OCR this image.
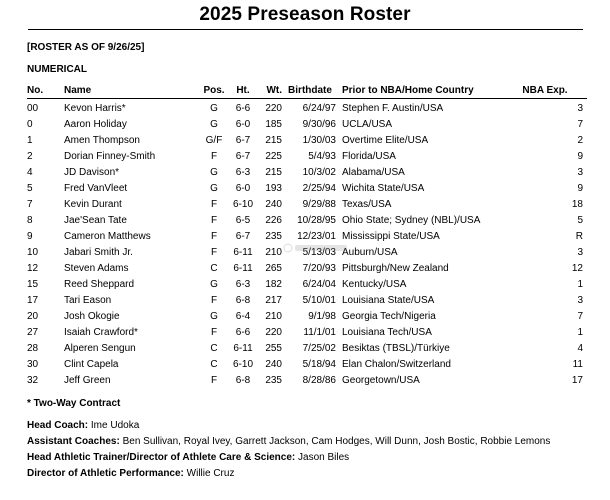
2025 Preseason Roster
[ROSTER AS OF 9/26/25]
NUMERICAL
No. Name	Pos.	Ht.	Wt. Birthdate	Prior to NBA/Home Country	NBA Exp.
00	Kevon Harris*	G	6-6	220	6/24/97 Stephen F. Austin/USA	3
0	Aaron Holiday	G	6-0	185	9/30/96 UCLA/USA	7
1	Amen Thompson	G/F	6-7	215	1/30/03 Overtime Elite/USA	2
2	Dorian Finney-Smith	F	6-7	225	5/4/93 Florida/USA	9
4	JD Davison*	G	6-3	215	10/3/02 Alabama/USA	3
5	Fred VanVleet	G	6-0	193	2/25/94 Wichita State/USA	9
7	Kevin Durant	F	6-10	240	9/29/88 Texas/USA	18
8	Jae'Sean Tate	F	6-5	226	10/28/95 Ohio State; Sydney (NBL)/USA	5
9	Cameron Matthews	F	6-7	235	12/23/01 Mississippi State/USA	R
10	Jabari Smith Jr.	F	6-11	210	5/13/03 Auburn/USA	3
12	Steven Adams	C	6-11	265	7/20/93 Pittsburgh/New Zealand	12
15	Reed Sheppard	G	6-3	182	6/24/04 Kentucky/USA	1
17	Tari Eason	F	6-8	217	5/10/01 Louisiana State/USA	3
20	Josh Okogie	G	6-4	210	9/1/98 Georgia Tech/Nigeria	7
27	Isaiah Crawford*	F	6-6	220	11/1/01 Louisiana Tech/USA	1
28	Alperen Sengun	C	6-11	255	7/25/02 Besiktas (TBSL)/Türkiye	4
30	Clint Capela	C	6-10	240	5/18/94 Elan Chalon/Switzerland	11
32	Jeff Green	F	6-8	235	8/28/86 Georgetown/USA	17
* Two-Way Contract
Head Coach: Ime Udoka
Assistant Coaches: Ben Sullivan, Royal Ivey, Garrett Jackson, Cam Hodges, Will Dunn, Josh Bostic, Robbie Lemons
Head Athletic Trainer/Director of Athlete Care & Science: Jason Biles
Director of Athletic Performance: Willie Cruz
